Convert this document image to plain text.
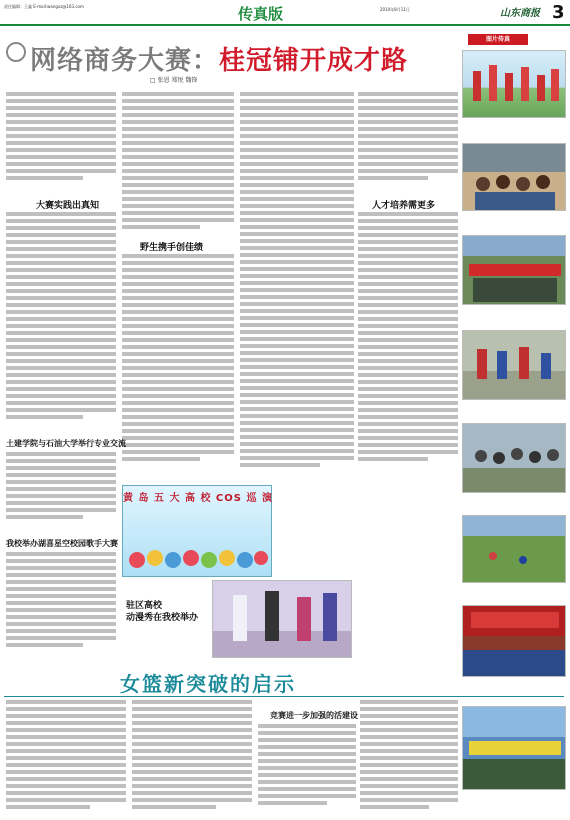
责任编辑：王鑫 E-mail:wangxz@163.com	传真版	2010年8月11日	山东商报 3
网络商务大赛：桂冠铺开成才路
□ 张恩 郑悦 魏锋
图片传真
大赛实践出真知
野生携手创佳绩
人才培养需更多
土建学院与石油大学举行专业交流
我校举办湖喜星空校园歌手大赛
黄 岛 五 大 高 校 COS 巡 演
驻区高校
动漫秀在我校举办
女篮新突破的启示
竞赛进一步加强的活建设
